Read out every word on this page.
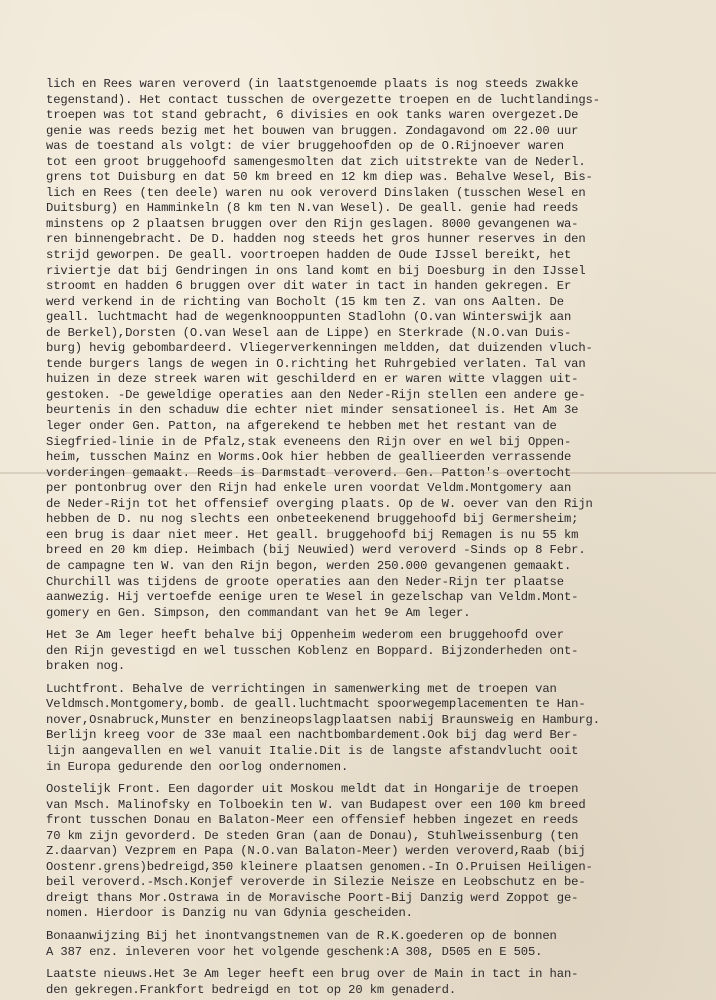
lich en Rees waren veroverd (in laatstgenoemde plaats is nog steeds zwakke
tegenstand). Het contact tusschen de overgezette troepen en de luchtlandings-
troepen was tot stand gebracht, 6 divisies en ook tanks waren overgezet.De
genie was reeds bezig met het bouwen van bruggen. Zondagavond om 22.00 uur
was de toestand als volgt: de vier bruggehoofden op de O.Rijnoever waren
tot een groot bruggehoofd samengesmolten dat zich uitstrekte van de Nederl.
grens tot Duisburg en dat 50 km breed en 12 km diep was. Behalve Wesel, Bis-
lich en Rees (ten deele) waren nu ook veroverd Dinslaken (tusschen Wesel en
Duitsburg) en Hamminkeln (8 km ten N.van Wesel). De geall. genie had reeds
minstens op 2 plaatsen bruggen over den Rijn geslagen. 8000 gevangenen wa-
ren binnengebracht. De D. hadden nog steeds het gros hunner reserves in den
strijd geworpen. De geall. voortroepen hadden de Oude IJssel bereikt, het
riviertje dat bij Gendringen in ons land komt en bij Doesburg in den IJssel
stroomt en hadden 6 bruggen over dit water in tact in handen gekregen. Er
werd verkend in de richting van Bocholt (15 km ten Z. van ons Aalten. De
geall. luchtmacht had de wegenknooppunten Stadlohn (O.van Winterswijk aan
de Berkel),Dorsten (O.van Wesel aan de Lippe) en Sterkrade (N.O.van Duis-
burg) hevig gebombardeerd. Vliegerverkenningen meldden, dat duizenden vluch-
tende burgers langs de wegen in O.richting het Ruhrgebied verlaten. Tal van
huizen in deze streek waren wit geschilderd en er waren witte vlaggen uit-
gestoken. -De geweldige operaties aan den Neder-Rijn stellen een andere ge-
beurtenis in den schaduw die echter niet minder sensationeel is. Het Am 3e
leger onder Gen. Patton, na afgerekend te hebben met het restant van de
Siegfried-linie in de Pfalz,stak eveneens den Rijn over en wel bij Oppen-
heim, tusschen Mainz en Worms.Ook hier hebben de geallieerden verrassende
vorderingen gemaakt. Reeds is Darmstadt veroverd. Gen. Patton's overtocht
per pontonbrug over den Rijn had enkele uren voordat Veldm.Montgomery aan
de Neder-Rijn tot het offensief overging plaats. Op de W. oever van den Rijn
hebben de D. nu nog slechts een onbeteekenend bruggehoofd bij Germersheim;
een brug is daar niet meer. Het geall. bruggehoofd bij Remagen is nu 55 km
breed en 20 km diep. Heimbach (bij Neuwied) werd veroverd -Sinds op 8 Febr.
de campagne ten W. van den Rijn begon, werden 250.000 gevangenen gemaakt.
Churchill was tijdens de groote operaties aan den Neder-Rijn ter plaatse
aanwezig. Hij vertoefde eenige uren te Wesel in gezelschap van Veldm.Mont-
gomery en Gen. Simpson, den commandant van het 9e Am leger.
Het 3e Am leger heeft behalve bij Oppenheim wederom een bruggehoofd over
den Rijn gevestigd en wel tusschen Koblenz en Boppard. Bijzonderheden ont-
braken nog.
Luchtfront. Behalve de verrichtingen in samenwerking met de troepen van
Veldmsch.Montgomery,bomb. de geall.luchtmacht spoorwegemplacementen te Han-
nover,Osnabruck,Munster en benzineopslagplaatsen nabij Braunsweig en Hamburg.
Berlijn kreeg voor de 33e maal een nachtbombardement.Ook bij dag werd Ber-
lijn aangevallen en wel vanuit Italie.Dit is de langste afstandvlucht ooit
in Europa gedurende den oorlog ondernomen.
Oostelijk Front. Een dagorder uit Moskou meldt dat in Hongarije de troepen
van Msch. Malinofsky en Tolboekin ten W. van Budapest over een 100 km breed
front tusschen Donau en Balaton-Meer een offensief hebben ingezet en reeds
70 km zijn gevorderd. De steden Gran (aan de Donau), Stuhlweissenburg (ten
Z.daarvan) Vezprem en Papa (N.O.van Balaton-Meer) werden veroverd,Raab (bij
Oostenr.grens)bedreigd,350 kleinere plaatsen genomen.-In O.Pruisen Heiligen-
beil veroverd.-Msch.Konjef veroverde in Silezie Neisze en Leobschutz en be-
dreigt thans Mor.Ostrawa in de Moravische Poort-Bij Danzig werd Zoppot ge-
nomen. Hierdoor is Danzig nu van Gdynia gescheiden.
Bonaanwijzing Bij het inontvangstnemen van de R.K.goederen op de bonnen
A 387 enz. inleveren voor het volgende geschenk:A 308, D505 en E 505.
Laatste nieuws.Het 3e Am leger heeft een brug over de Main in tact in han-
den gekregen.Frankfort bedreigd en tot op 20 km genaderd.
